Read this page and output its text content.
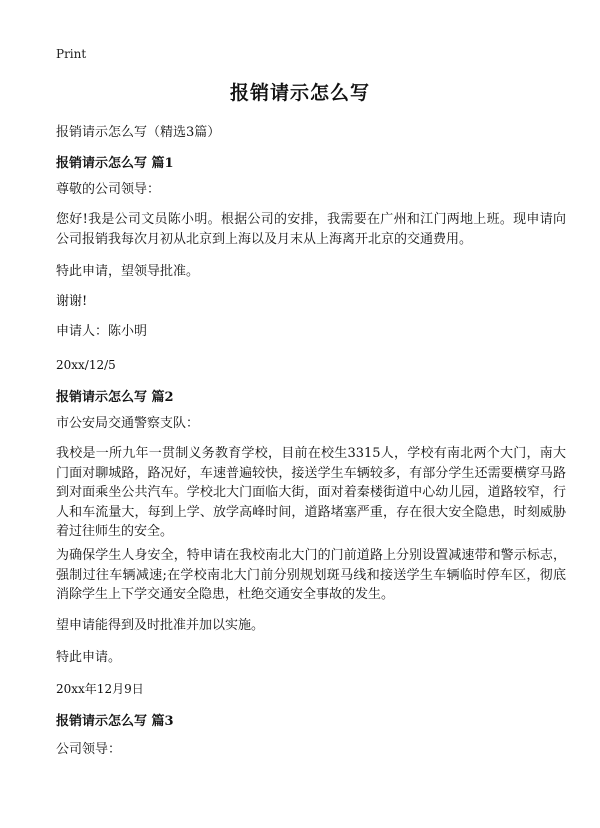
Print
报销请示怎么写
报销请示怎么写（精选3篇）
报销请示怎么写 篇1
尊敬的公司领导：
您好!我是公司文员陈小明。根据公司的安排，我需要在广州和江门两地上班。现申请向公司报销我每次月初从北京到上海以及月末从上海离开北京的交通费用。
特此申请，望领导批准。
谢谢!
申请人：陈小明
20xx/12/5
报销请示怎么写 篇2
市公安局交通警察支队：
我校是一所九年一贯制义务教育学校，目前在校生3315人，学校有南北两个大门，南大门面对聊城路，路况好，车速普遍较快，接送学生车辆较多，有部分学生还需要横穿马路到对面乘坐公共汽车。学校北大门面临大街，面对着秦楼街道中心幼儿园，道路较窄，行人和车流量大，每到上学、放学高峰时间，道路堵塞严重，存在很大安全隐患，时刻威胁着过往师生的安全。
为确保学生人身安全，特申请在我校南北大门的门前道路上分别设置减速带和警示标志，强制过往车辆减速;在学校南北大门前分别规划斑马线和接送学生车辆临时停车区，彻底消除学生上下学交通安全隐患，杜绝交通安全事故的发生。
望申请能得到及时批准并加以实施。
特此申请。
20xx年12月9日
报销请示怎么写 篇3
公司领导：
